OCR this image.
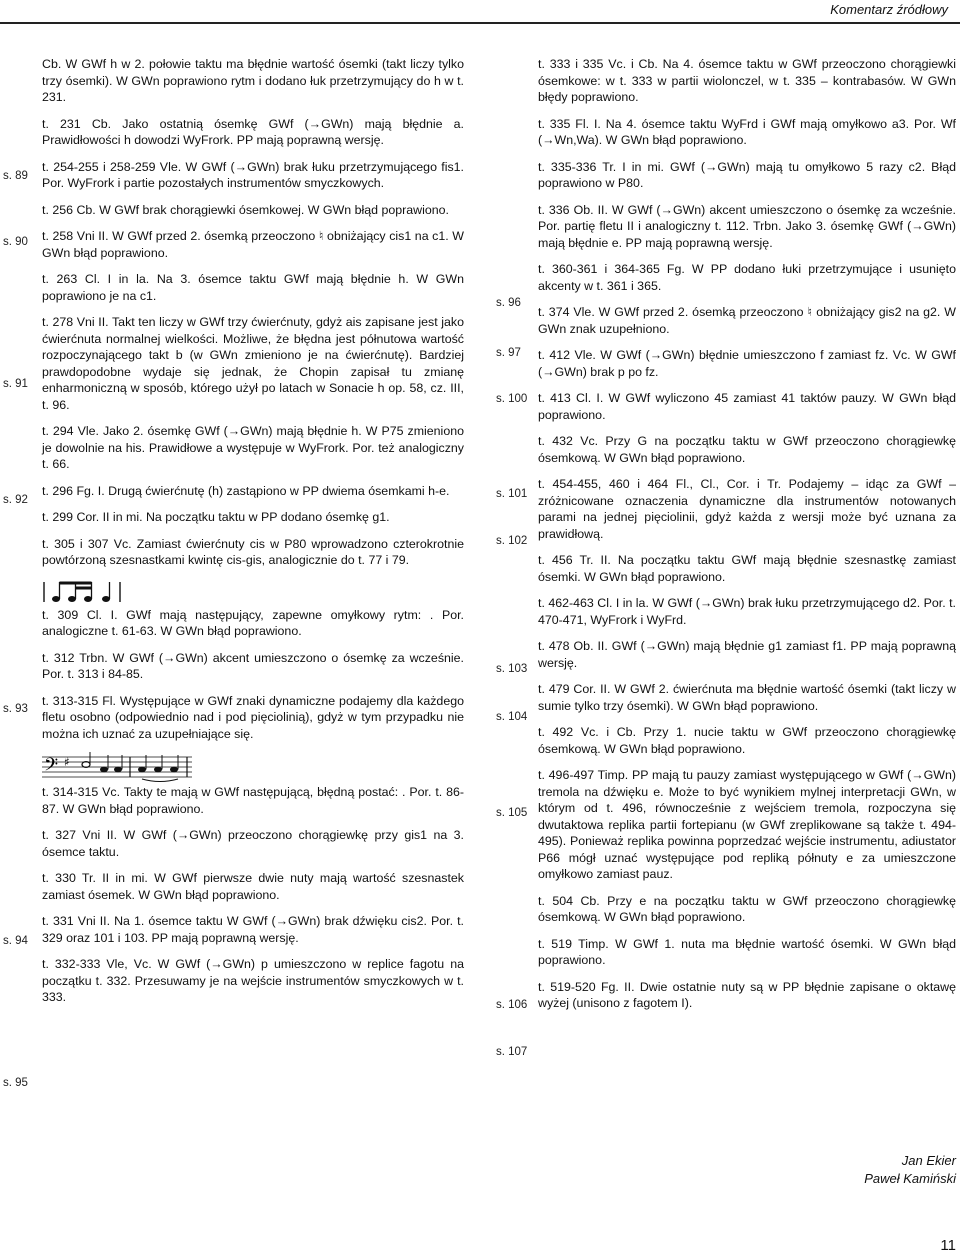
Komentarz źródłowy
s. 89
s. 90
s. 91
s. 92
s. 93
s. 94
s. 95
s. 96
s. 97
s. 100
s. 101
s. 102
s. 103
s. 104
s. 105
s. 106
s. 107

Cb. W GWf h w 2. połowie taktu ma błędnie wartość ósemki (takt liczy tylko trzy ósemki). W GWn poprawiono rytm i dodano łuk przetrzymujący do h w t. 231.

t. 231 Cb. Jako ostatnią ósemkę GWf (→GWn) mają błędnie a. Prawidłowości h dowodzi WyFrork. PP mają poprawną wersję.

t. 254-255 i 258-259 Vle. W GWf (→GWn) brak łuku przetrzymującego fis1. Por. WyFrork i partie pozostałych instrumentów smyczkowych.

t. 256 Cb. W GWf brak chorągiewki ósemkowej. W GWn błąd poprawiono.

t. 258 Vni II. W GWf przed 2. ósemką przeoczono ♮ obniżający cis1 na c1. W GWn błąd poprawiono.

t. 263 Cl. I in la. Na 3. ósemce taktu GWf mają błędnie h. W GWn poprawiono je na c1.

t. 278 Vni II. Takt ten liczy w GWf trzy ćwierćnuty, gdyż ais zapisane jest jako ćwierćnuta normalnej wielkości. Możliwe, że błędna jest półnutowa wartość rozpoczynającego takt b (w GWn zmieniono je na ćwierćnutę). Bardziej prawdopodobne wydaje się jednak, że Chopin zapisał tu zmianę enharmoniczną w sposób, którego użył po latach w Sonacie h op. 58, cz. III, t. 96.

t. 294 Vle. Jako 2. ósemkę GWf (→GWn) mają błędnie h. W P75 zmieniono je dowolnie na his. Prawidłowe a występuje w WyFrork. Por. też analogiczny t. 66.

t. 296 Fg. I. Drugą ćwierćnutę (h) zastąpiono w PP dwiema ósemkami h-e.

t. 299 Cor. II in mi. Na początku taktu w PP dodano ósemkę g1.

t. 305 i 307 Vc. Zamiast ćwierćnuty cis w P80 wprowadzono czterokrotnie powtórzoną szesnastkami kwintę cis-gis, analogicznie do t. 77 i 79.

t. 309 Cl. I. GWf mają następujący, zapewne omyłkowy rytm: . Por. analogiczne t. 61-63. W GWn błąd poprawiono.

t. 312 Trbn. W GWf (→GWn) akcent umieszczono o ósemkę za wcześnie. Por. t. 313 i 84-85.

t. 313-315 Fl. Występujące w GWf znaki dynamiczne podajemy dla każdego fletu osobno (odpowiednio nad i pod pięciolinią), gdyż w tym przypadku nie można ich uznać za uzupełniające się.

𝄢 ♯

t. 314-315 Vc. Takty te mają w GWf następującą, błędną postać: . Por. t. 86-87. W GWn błąd poprawiono.

t. 327 Vni II. W GWf (→GWn) przeoczono chorągiewkę przy gis1 na 3. ósemce taktu.

t. 330 Tr. II in mi. W GWf pierwsze dwie nuty mają wartość szesnastek zamiast ósemek. W GWn błąd poprawiono.

t. 331 Vni II. Na 1. ósemce taktu W GWf (→GWn) brak dźwięku cis2. Por. t. 329 oraz 101 i 103. PP mają poprawną wersję.

t. 332-333 Vle, Vc. W GWf (→GWn) p umieszczono w replice fagotu na początku t. 332. Przesuwamy je na wejście instrumentów smyczkowych w t. 333.

t. 333 i 335 Vc. i Cb. Na 4. ósemce taktu w GWf przeoczono chorągiewki ósemkowe: w t. 333 w partii wiolonczel, w t. 335 – kontrabasów. W GWn błędy poprawiono.

t. 335 Fl. I. Na 4. ósemce taktu WyFrd i GWf mają omyłkowo a3. Por. Wf (→Wn,Wa). W GWn błąd poprawiono.

t. 335-336 Tr. I in mi. GWf (→GWn) mają tu omyłkowo 5 razy c2. Błąd poprawiono w P80.

t. 336 Ob. II. W GWf (→GWn) akcent umieszczono o ósemkę za wcześnie. Por. partię fletu II i analogiczny t. 112. Trbn. Jako 3. ósemkę GWf (→GWn) mają błędnie e. PP mają poprawną wersję.

t. 360-361 i 364-365 Fg. W PP dodano łuki przetrzymujące i usunięto akcenty w t. 361 i 365.

t. 374 Vle. W GWf przed 2. ósemką przeoczono ♮ obniżający gis2 na g2. W GWn znak uzupełniono.

t. 412 Vle. W GWf (→GWn) błędnie umieszczono f zamiast fz. Vc. W GWf (→GWn) brak p po fz.

t. 413 Cl. I. W GWf wyliczono 45 zamiast 41 taktów pauzy. W GWn błąd poprawiono.

t. 432 Vc. Przy G na początku taktu w GWf przeoczono chorągiewkę ósemkową. W GWn błąd poprawiono.

t. 454-455, 460 i 464 Fl., Cl., Cor. i Tr. Podajemy – idąc za GWf – zróżnicowane oznaczenia dynamiczne dla instrumentów notowanych parami na jednej pięciolinii, gdyż każda z wersji może być uznana za prawidłową.

t. 456 Tr. II. Na początku taktu GWf mają błędnie szesnastkę zamiast ósemki. W GWn błąd poprawiono.

t. 462-463 Cl. I in la. W GWf (→GWn) brak łuku przetrzymującego d2. Por. t. 470-471, WyFrork i WyFrd.

t. 478 Ob. II. GWf (→GWn) mają błędnie g1 zamiast f1. PP mają poprawną wersję.

t. 479 Cor. II. W GWf 2. ćwierćnuta ma błędnie wartość ósemki (takt liczy w sumie tylko trzy ósemki). W GWn błąd poprawiono.

t. 492 Vc. i Cb. Przy 1. nucie taktu w GWf przeoczono chorągiewkę ósemkową. W GWn błąd poprawiono.

t. 496-497 Timp. PP mają tu pauzy zamiast występującego w GWf (→GWn) tremola na dźwięku e. Może to być wynikiem mylnej interpretacji GWn, w którym od t. 496, równocześnie z wejściem tremola, rozpoczyna się dwutaktowa replika partii fortepianu (w GWf zreplikowane są także t. 494-495). Ponieważ replika powinna poprzedzać wejście instrumentu, adiustator P66 mógł uznać występujące pod repliką półnuty e za umieszczone omyłkowo zamiast pauz.

t. 504 Cb. Przy e na początku taktu w GWf przeoczono chorągiewkę ósemkową. W GWn błąd poprawiono.

t. 519 Timp. W GWf 1. nuta ma błędnie wartość ósemki. W GWn błąd poprawiono.

t. 519-520 Fg. II. Dwie ostatnie nuty są w PP błędnie zapisane o oktawę wyżej (unisono z fagotem I).

Jan Ekier
Paweł Kamiński
11
